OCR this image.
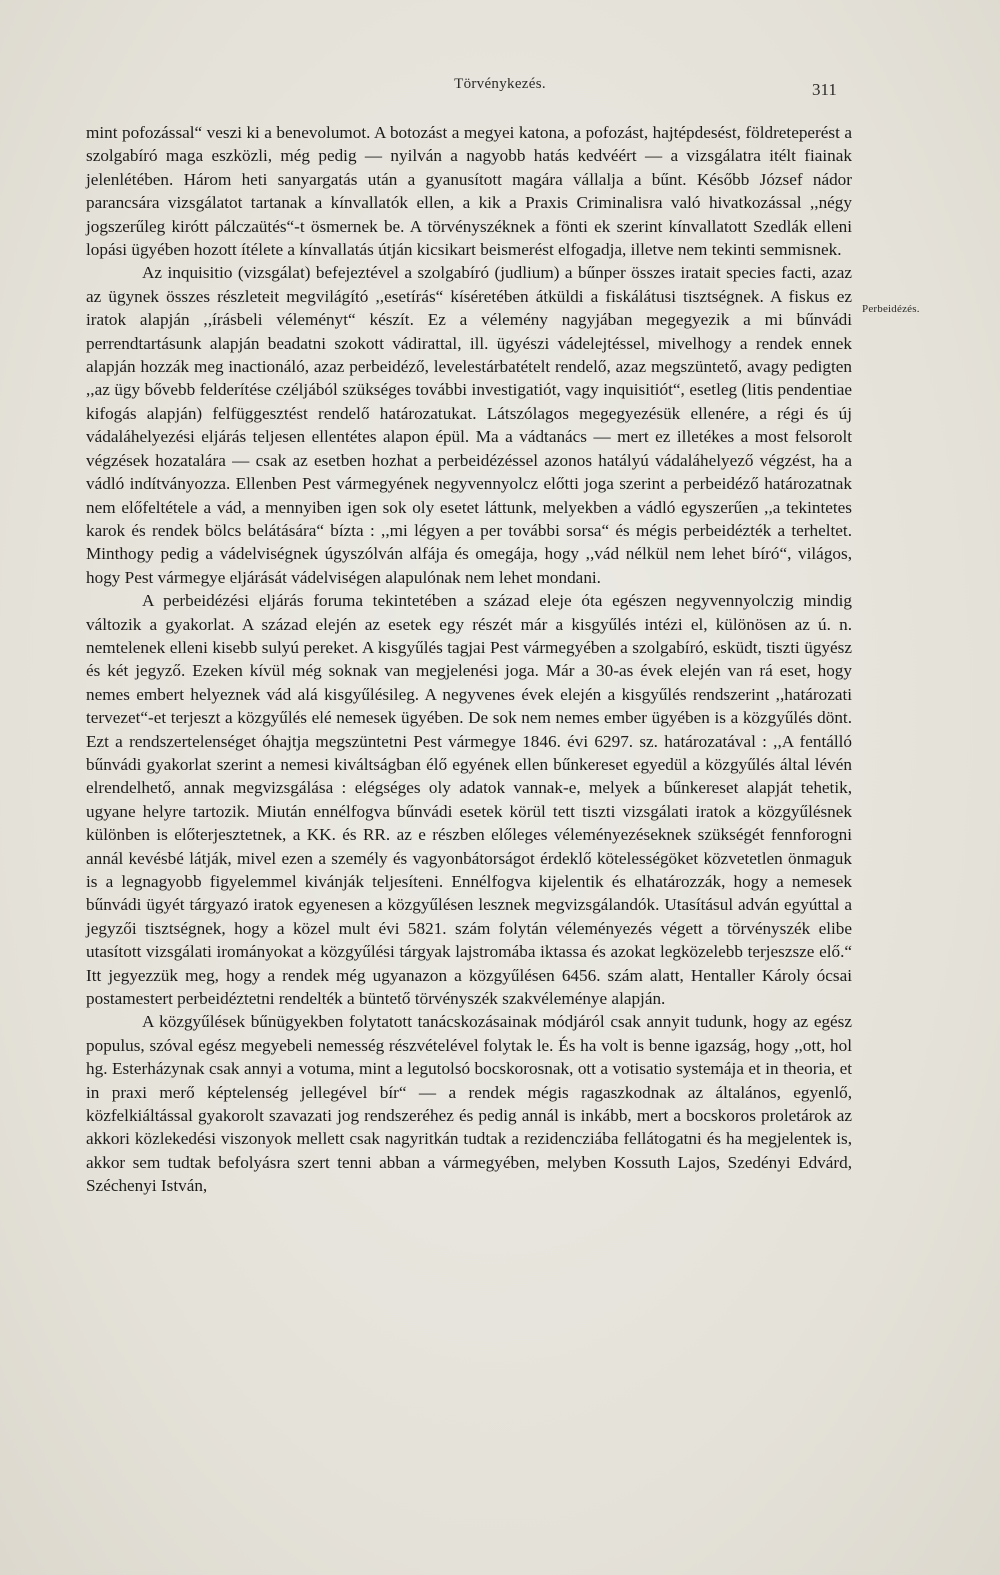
Törvénykezés.	311
Perbeidézés.

mint pofozással“ veszi ki a benevolumot. A botozást a megyei katona, a pofozást, hajtépdesést, földreteperést a szolgabíró maga eszközli, még pedig — nyilván a nagyobb hatás kedvéért — a vizsgálatra itélt fiainak jelenlétében. Három heti sanyargatás után a gyanusított magára vállalja a bűnt. Később József nádor parancsára vizsgálatot tartanak a kínvallatók ellen, a kik a Praxis Criminalisra való hivatkozással ,,négy jogszerűleg kirótt pálczaütés“-t ösmernek be. A törvényszéknek a fönti ek szerint kínvallatott Szedlák elleni lopási ügyében hozott ítélete a kínvallatás útján kicsikart beismerést elfogadja, illetve nem tekinti semmisnek.

Az inquisitio (vizsgálat) befejeztével a szolgabíró (judlium) a bűnper összes iratait species facti, azaz az ügynek összes részleteit megvilágító ,,esetírás“ kíséretében átküldi a fiskálátusi tisztségnek. A fiskus ez iratok alapján ,,írásbeli véleményt“ készít. Ez a vélemény nagyjában megegyezik a mi bűnvádi perrendtartásunk alapján beadatni szokott vádirattal, ill. ügyészi vádelejtéssel, mivelhogy a rendek ennek alapján hozzák meg inactionáló, azaz perbeidéző, levelestárbatételt rendelő, azaz megszüntető, avagy pedigten ,,az ügy bővebb felderítése czéljából szükséges további investigatiót, vagy inquisitiót“, esetleg (litis pendentiae kifogás alapján) felfüggesztést rendelő határozatukat. Látszólagos megegyezésük ellenére, a régi és új vádaláhelyezési eljárás teljesen ellentétes alapon épül. Ma a vádtanács — mert ez illetékes a most felsorolt végzések hozatalára — csak az esetben hozhat a perbeidézéssel azonos hatályú vádaláhelyező végzést, ha a vádló indítványozza. Ellenben Pest vármegyének negyvennyolcz előtti joga szerint a perbeidéző határozatnak nem előfeltétele a vád, a mennyiben igen sok oly esetet láttunk, melyekben a vádló egyszerűen ,,a tekintetes karok és rendek bölcs belátására“ bízta : ,,mi légyen a per további sorsa“ és mégis perbeidézték a terheltet. Minthogy pedig a vádelviségnek úgyszólván alfája és omegája, hogy ,,vád nélkül nem lehet bíró“, világos, hogy Pest vármegye eljárását vádelviségen alapulónak nem lehet mondani.

A perbeidézési eljárás foruma tekintetében a század eleje óta egészen negyvennyolczig mindig változik a gyakorlat. A század elején az esetek egy részét már a kisgyűlés intézi el, különösen az ú. n. nemtelenek elleni kisebb sulyú pereket. A kisgyűlés tagjai Pest vármegyében a szolgabíró, esküdt, tiszti ügyész és két jegyző. Ezeken kívül még soknak van megjelenési joga. Már a 30-as évek elején van rá eset, hogy nemes embert helyeznek vád alá kisgyűlésileg. A negyvenes évek elején a kisgyűlés rendszerint ,,határozati tervezet“-et terjeszt a közgyűlés elé nemesek ügyében. De sok nem nemes ember ügyében is a közgyűlés dönt. Ezt a rendszertelenséget óhajtja megszüntetni Pest vármegye 1846. évi 6297. sz. határozatával : ,,A fentálló bűnvádi gyakorlat szerint a nemesi kiváltságban élő egyének ellen bűnkereset egyedül a közgyűlés által lévén elrendelhető, annak megvizsgálása : elégséges oly adatok vannak-e, melyek a bűnkereset alapját tehetik, ugyane helyre tartozik. Miután ennélfogva bűnvádi esetek körül tett tiszti vizsgálati iratok a közgyűlésnek különben is előterjesztetnek, a KK. és RR. az e részben előleges véleményezéseknek szükségét fennforogni annál kevésbé látják, mivel ezen a személy és vagyonbátorságot érdeklő kötelességöket közvetetlen önmaguk is a legnagyobb figyelemmel kivánják teljesíteni. Ennélfogva kijelentik és elhatározzák, hogy a nemesek bűnvádi ügyét tárgyazó iratok egyenesen a közgyűlésen lesznek megvizsgálandók. Utasításul adván egyúttal a jegyzői tisztségnek, hogy a közel mult évi 5821. szám folytán véleményezés végett a törvényszék elibe utasított vizsgálati irományokat a közgyűlési tárgyak lajstromába iktassa és azokat legközelebb terjeszsze elő.“ Itt jegyezzük meg, hogy a rendek még ugyanazon a közgyűlésen 6456. szám alatt, Hentaller Károly ócsai postamestert perbeidéztetni rendelték a büntető törvényszék szakvéleménye alapján.

A közgyűlések bűnügyekben folytatott tanácskozásainak módjáról csak annyit tudunk, hogy az egész populus, szóval egész megyebeli nemesség részvételével folytak le. És ha volt is benne igazság, hogy ,,ott, hol hg. Esterházynak csak annyi a votuma, mint a legutolsó bocskorosnak, ott a votisatio systemája et in theoria, et in praxi merő képtelenség jellegével bír“ — a rendek mégis ragaszkodnak az általános, egyenlő, közfelkiáltással gyakorolt szavazati jog rendszeréhez és pedig annál is inkább, mert a bocskoros proletárok az akkori közlekedési viszonyok mellett csak nagyritkán tudtak a rezidencziába fellátogatni és ha megjelentek is, akkor sem tudtak befolyásra szert tenni abban a vármegyében, melyben Kossuth Lajos, Szedényi Edvárd, Széchenyi István,
